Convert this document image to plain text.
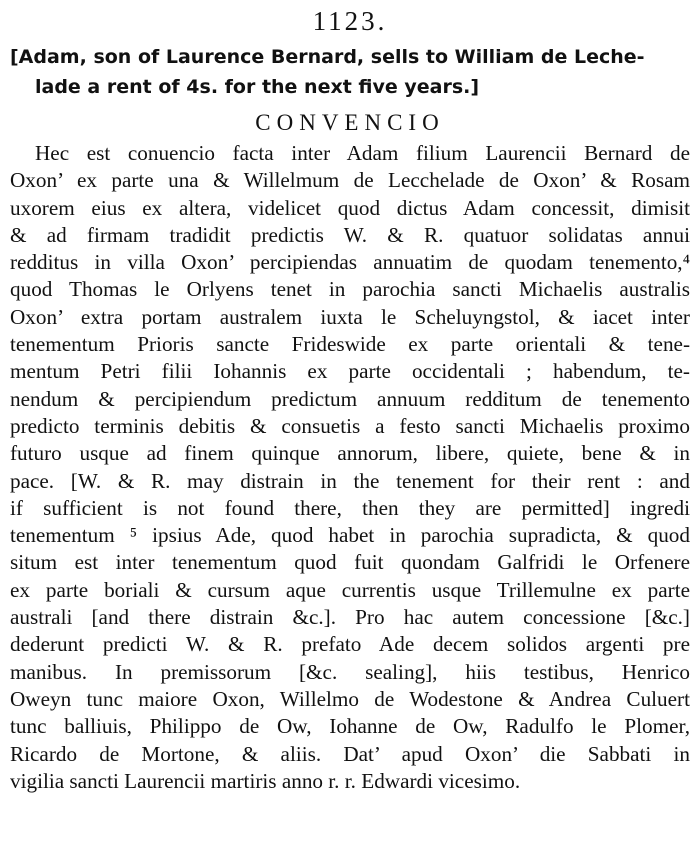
1123.

[Adam, son of Laurence Bernard, sells to William de Leche-
lade a rent of 4s. for the next five years.]

CONVENCIO
Hec est conuencio facta inter Adam filium Laurencii Bernard de
Oxon’ ex parte una & Willelmum de Lecchelade de Oxon’ & Rosam
uxorem eius ex altera, videlicet quod dictus Adam concessit, dimisit
& ad firmam tradidit predictis W. & R. quatuor solidatas annui
redditus in villa Oxon’ percipiendas annuatim de quodam tenemento,⁴
quod Thomas le Orlyens tenet in parochia sancti Michaelis australis
Oxon’ extra portam australem iuxta le Scheluyngstol, & iacet inter
tenementum Prioris sancte Frideswide ex parte orientali & tene-
mentum Petri filii Iohannis ex parte occidentali ; habendum, te-
nendum & percipiendum predictum annuum redditum de tenemento
predicto terminis debitis & consuetis a festo sancti Michaelis proximo
futuro usque ad finem quinque annorum, libere, quiete, bene & in
pace. [W. & R. may distrain in the tenement for their rent : and
if sufficient is not found there, then they are permitted] ingredi
tenementum ⁵ ipsius Ade, quod habet in parochia supradicta, & quod
situm est inter tenementum quod fuit quondam Galfridi le Orfenere
ex parte boriali & cursum aque currentis usque Trillemulne ex parte
australi [and there distrain &c.]. Pro hac autem concessione [&c.]
dederunt predicti W. & R. prefato Ade decem solidos argenti pre
manibus. In premissorum [&c. sealing], hiis testibus, Henrico
Oweyn tunc maiore Oxon, Willelmo de Wodestone & Andrea Culuert
tunc balliuis, Philippo de Ow, Iohanne de Ow, Radulfo le Plomer,
Ricardo de Mortone, & aliis. Dat’ apud Oxon’ die Sabbati in
vigilia sancti Laurencii martiris anno r. r. Edwardi vicesimo.
